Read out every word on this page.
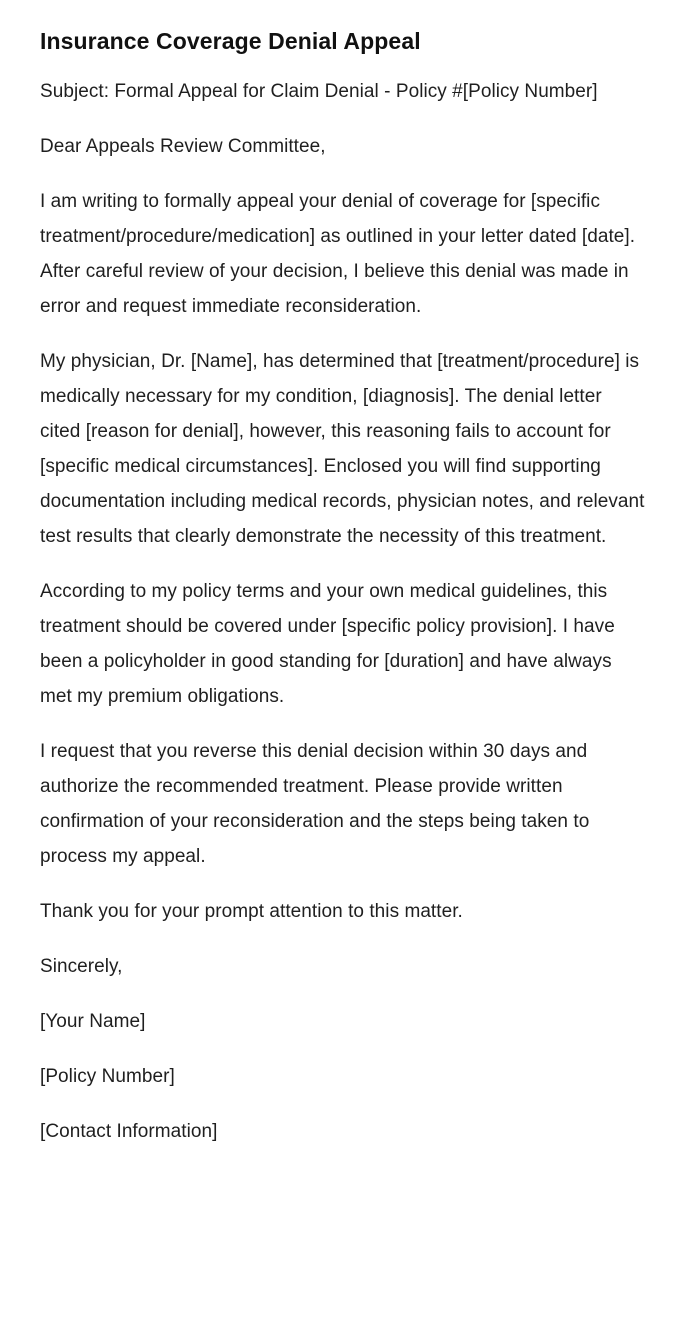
Insurance Coverage Denial Appeal

Subject: Formal Appeal for Claim Denial - Policy #[Policy Number]

Dear Appeals Review Committee,

I am writing to formally appeal your denial of coverage for [specific treatment/procedure/medication] as outlined in your letter dated [date]. After careful review of your decision, I believe this denial was made in error and request immediate reconsideration.

My physician, Dr. [Name], has determined that [treatment/procedure] is medically necessary for my condition, [diagnosis]. The denial letter cited [reason for denial], however, this reasoning fails to account for [specific medical circumstances]. Enclosed you will find supporting documentation including medical records, physician notes, and relevant test results that clearly demonstrate the necessity of this treatment.

According to my policy terms and your own medical guidelines, this treatment should be covered under [specific policy provision]. I have been a policyholder in good standing for [duration] and have always met my premium obligations.

I request that you reverse this denial decision within 30 days and authorize the recommended treatment. Please provide written confirmation of your reconsideration and the steps being taken to process my appeal.

Thank you for your prompt attention to this matter.

Sincerely,

[Your Name]

[Policy Number]

[Contact Information]
